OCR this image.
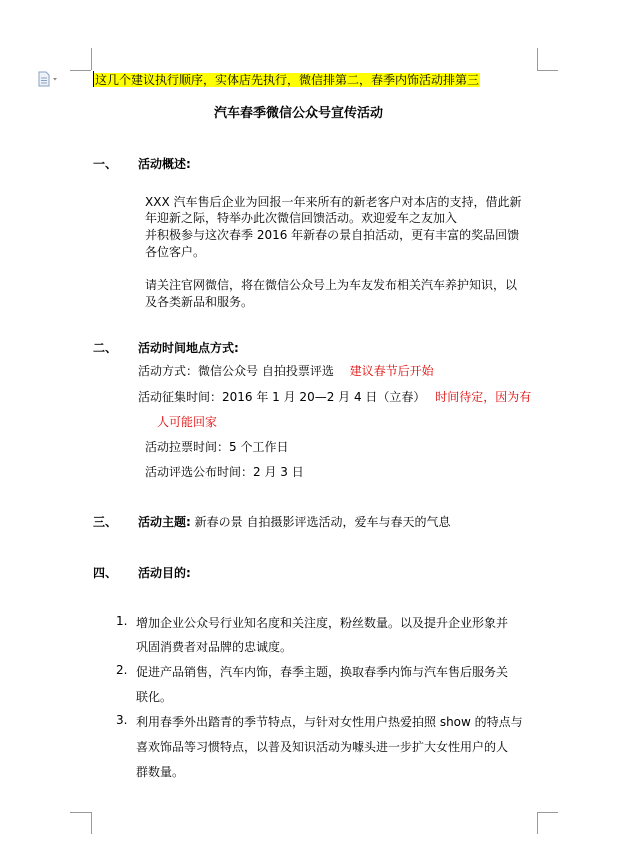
这几个建议执行顺序，实体店先执行，微信排第二，春季内饰活动排第三
汽车春季微信公众号宣传活动
一、 活动概述:
XXX 汽车售后企业为回报一年来所有的新老客户对本店的支持，借此新
年迎新之际，特举办此次微信回馈活动。欢迎爱车之友加入
并积极参与这次春季 2016 年新春の景自拍活动，更有丰富的奖品回馈
各位客户。
请关注官网微信，将在微信公众号上为车友发布相关汽车养护知识，以
及各类新品和服务。
二、 活动时间地点方式:
活动方式：微信公众号 自拍投票评选 建议春节后开始
活动征集时间：2016 年 1 月 20—2 月 4 日（立春） 时间待定，因为有
人可能回家
活动拉票时间：5 个工作日
活动评选公布时间：2 月 3 日
三、 活动主题: 新春の景 自拍摄影评选活动，爱车与春天的气息
四、 活动目的:
1. 增加企业公众号行业知名度和关注度，粉丝数量。以及提升企业形象并
巩固消费者对品牌的忠诚度。
2. 促进产品销售，汽车内饰，春季主题，换取春季内饰与汽车售后服务关
联化。
3. 利用春季外出踏青的季节特点，与针对女性用户热爱拍照 show 的特点与
喜欢饰品等习惯特点，以普及知识活动为噱头进一步扩大女性用户的人
群数量。
